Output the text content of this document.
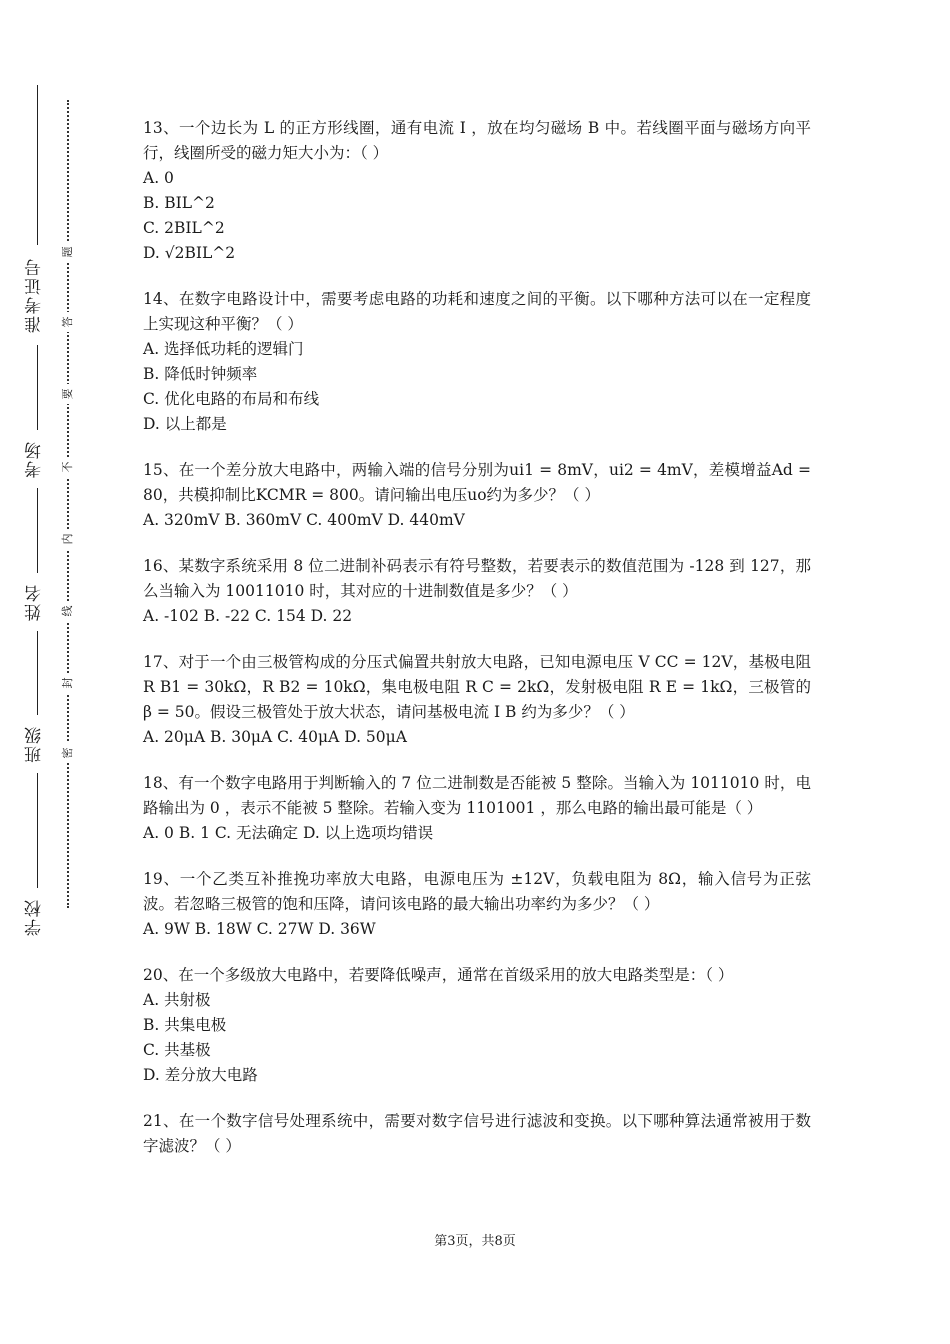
准考证号
考场
姓名
班级
学校
题
答
要
不
内
线
封
密

13、一个边长为 L 的正方形线圈，通有电流 I ，放在均匀磁场 B 中。若线圈平面与磁场方向平行，线圈所受的磁力矩大小为：（ ）

A. 0

B. BIL^2

C. 2BIL^2

D. √2BIL^2

14、在数字电路设计中，需要考虑电路的功耗和速度之间的平衡。以下哪种方法可以在一定程度上实现这种平衡？（ ）

A. 选择低功耗的逻辑门

B. 降低时钟频率

C. 优化电路的布局和布线

D. 以上都是

15、在一个差分放大电路中，两输入端的信号分别为ui1 = 8mV，ui2 = 4mV，差模增益Ad = 80，共模抑制比KCMR = 800。请问输出电压uo约为多少？（ ）

A. 320mV B. 360mV C. 400mV D. 440mV

16、某数字系统采用 8 位二进制补码表示有符号整数，若要表示的数值范围为 -128 到 127，那么当输入为 10011010 时，其对应的十进制数值是多少？（ ）

A. -102 B. -22 C. 154 D. 22

17、对于一个由三极管构成的分压式偏置共射放大电路，已知电源电压 V CC = 12V，基极电阻 R B1 = 30kΩ，R B2 = 10kΩ，集电极电阻 R C = 2kΩ，发射极电阻 R E = 1kΩ，三极管的 β = 50。假设三极管处于放大状态，请问基极电流 I B 约为多少？（ ）

A. 20μA B. 30μA C. 40μA D. 50μA

18、有一个数字电路用于判断输入的 7 位二进制数是否能被 5 整除。当输入为 1011010 时，电路输出为 0 ，表示不能被 5 整除。若输入变为 1101001 ，那么电路的输出最可能是（ ）

A. 0 B. 1 C. 无法确定 D. 以上选项均错误

19、一个乙类互补推挽功率放大电路，电源电压为 ±12V，负载电阻为 8Ω，输入信号为正弦波。若忽略三极管的饱和压降，请问该电路的最大输出功率约为多少？（ ）

A. 9W B. 18W C. 27W D. 36W

20、在一个多级放大电路中，若要降低噪声，通常在首级采用的放大电路类型是：（ ）

A. 共射极

B. 共集电极

C. 共基极

D. 差分放大电路

21、在一个数字信号处理系统中，需要对数字信号进行滤波和变换。以下哪种算法通常被用于数字滤波？（ ）

第3页，共8页
